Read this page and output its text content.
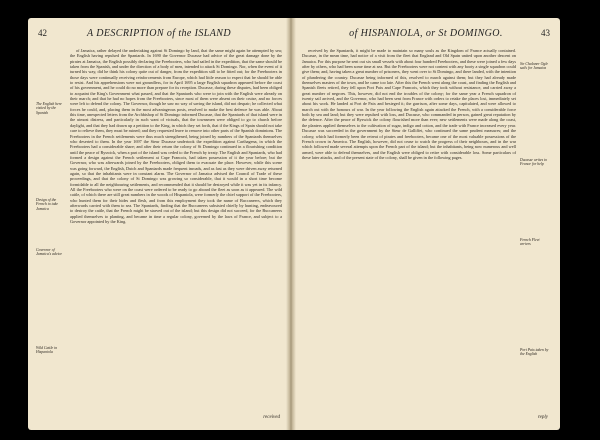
42	A DESCRIPTION of the ISLAND
The English here visited by the Spanish
Design of the French to take Jamaica
Governor of Jamaica's advice
Wild Cattle in Hispaniola
of Jamaica, rather delayed the undertaking against St Domingo by land, that the same might again be attempted by sea; the English having repulsed the Spaniards. In 1690 the Governor Ducasse had advice of the great damage done by the pirates at Jamaica, the English possibly declaring the Freebooters, who had sailed in the expedition, that the same should be taken from the Spanish, and under the direction of a body of men, intended to attack St Domingo. Nor, when the event of it turned his way, did he think his colony quite out of danger, from the expedition still to be fitted out; for the Freebooters in those days were continually receiving reinforcements from Europe, which had little reason to expect that he should be able to resist. And his apprehensions were not groundless, for in April 1695 a large English squadron appeared before the coast of his government, and he could do no more than prepare for its reception. Ducasse, during these disputes, had been obliged to acquaint the King's Government what passed, and that the Spaniards who were to join with the English were already on their march; and that he had no hopes from the Freebooters, since most of them were absent on their cruise, and no forces were left to defend the colony. The Governor, though he saw no way of saving the island, did not despair; he collected what forces he could, and, placing them in the most advantageous posts, resolved to make the best defence he was able. About this time, unexpected letters from the Archbishop of St Domingo informed Ducasse, that the Spaniards of that island were in the utmost distress, and particularly in such want of victuals, that the townsmen were obliged to go to church before daylight, and that they had drawn up a petition to the King, in which they set forth, that if the Kings of Spain should not take care to relieve them, they must be ruined; and they requested leave to remove into other parts of the Spanish dominions. The Freebooters in the French settlements were thus much strengthened, being joined by numbers of the Spaniards themselves who deserted to them. In the year 1697 the Sieur Ducasse undertook the expedition against Carthagena, in which the Freebooters had a considerable share; and after their return the colony of St Domingo continued in a flourishing condition until the peace of Ryswick, when a part of the island was ceded to the French by treaty. The English and Spaniards, who had formed a design against the French settlement at Cape Francois, had taken possession of it the year before; but the Governor, who was afterwards joined by the Freebooters, obliged them to evacuate the place. However, while this scene was going forward, the English, Dutch and Spaniards made frequent inroads, and as fast as they were driven away returned again, so that the inhabitants were in constant alarm. The Governor of Jamaica advised the Council of Trade of these proceedings, and that the colony of St Domingo was growing so considerable, that it would in a short time become formidable to all the neighbouring settlements, and recommended that it should be destroyed while it was yet in its infancy. All the Freebooters who were on the coast were ordered to be ready to go aboard the fleet as soon as it appeared. The wild cattle, of which there are still great numbers in the woods of Hispaniola, were formerly the chief support of the Freebooters, who hunted them for their hides and flesh, and from this employment they took the name of Buccaneers, which they afterwards carried with them to sea. The Spaniards, finding that the Buccaneers subsisted chiefly by hunting, endeavoured to destroy the cattle, that the French might be starved out of the island; but this design did not succeed, for the Buccaneers applied themselves to planting, and became in time a regular colony, governed by the laws of France, and subject to a Governor appointed by the King.
received
of HISPANIOLA, or St DOMINGO.	43
Sir Chaloner Ogle sails for Jamaica
Ducasse writes to France for help
French Fleet arrives
Port Paix taken by the English
received by the Spaniards, it might be made to maintain so many souls as the Kingdom of France actually contained. Ducasse, in the mean time, had notice of a visit from the fleet that England and Old Spain united upon another descent on Jamaica. For this purpose he sent out six small vessels with about four hundred Freebooters, and these were joined a few days after by others, who had been some time at sea. But the Freebooters were not content with any booty a single squadron could give them; and, having taken a great number of prisoners, they went over to St Domingo, and there landed, with the intention of plundering the country. Ducasse being informed of this, resolved to march against them; but they had already made themselves masters of the town, and he came too late. After this the French went along the coast, and finding the English and Spanish fleets retired, they fell upon Port Paix and Cape Francois, which they took without resistance, and carried away a great number of negroes. This, however, did not end the troubles of the colony; for the same year a French squadron of twenty sail arrived, and the Governor, who had been sent from France with orders to retake the places lost, immediately set about his work. He landed at Port de Paix and besieged it; the garrison, after some days, capitulated, and were allowed to march out with the honours of war. In the year following the English again attacked the French, with a considerable force both by sea and land; but they were repulsed with loss, and Ducasse, who commanded in person, gained great reputation by the defence. After the peace of Ryswick the colony flourished more than ever; new settlements were made along the coast, the planters applied themselves to the cultivation of sugar, indigo and cotton, and the trade with France increased every year. Ducasse was succeeded in the government by the Sieur de Galliffet, who continued the same prudent measures; and the colony, which had formerly been the retreat of pirates and freebooters, became one of the most valuable possessions of the French crown in America. The English, however, did not cease to watch the progress of their neighbours, and in the war which followed made several attempts upon the French part of the island; but the inhabitants, being now numerous and well armed, were able to defend themselves, and the English were obliged to retire with considerable loss. Some particulars of these later attacks, and of the present state of the colony, shall be given in the following pages.
reply
